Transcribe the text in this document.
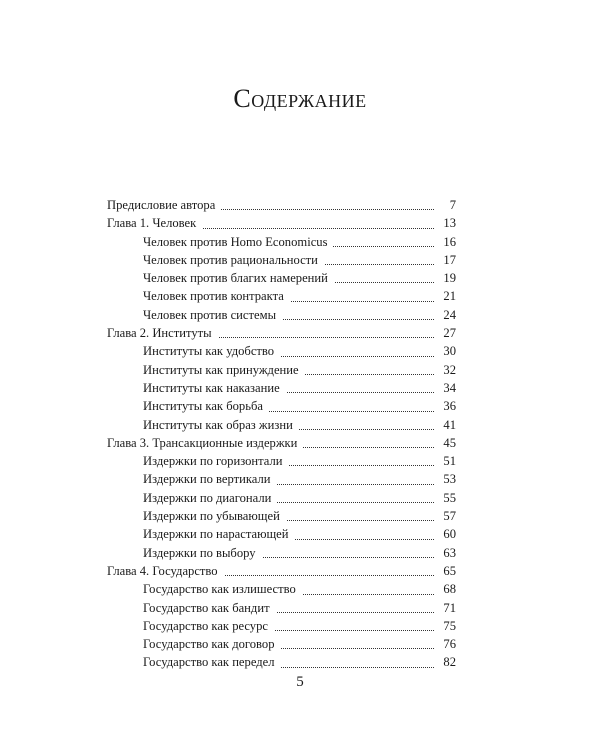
Содержание
Предисловие автора	7
Глава 1. Человек	13
Человек против Homo Economicus	16
Человек против рациональности	17
Человек против благих намерений	19
Человек против контракта	21
Человек против системы	24
Глава 2. Институты	27
Институты как удобство	30
Институты как принуждение	32
Институты как наказание	34
Институты как борьба	36
Институты как образ жизни	41
Глава 3. Трансакционные издержки	45
Издержки по горизонтали	51
Издержки по вертикали	53
Издержки по диагонали	55
Издержки по убывающей	57
Издержки по нарастающей	60
Издержки по выбору	63
Глава 4. Государство	65
Государство как излишество	68
Государство как бандит	71
Государство как ресурс	75
Государство как договор	76
Государство как передел	82
5
